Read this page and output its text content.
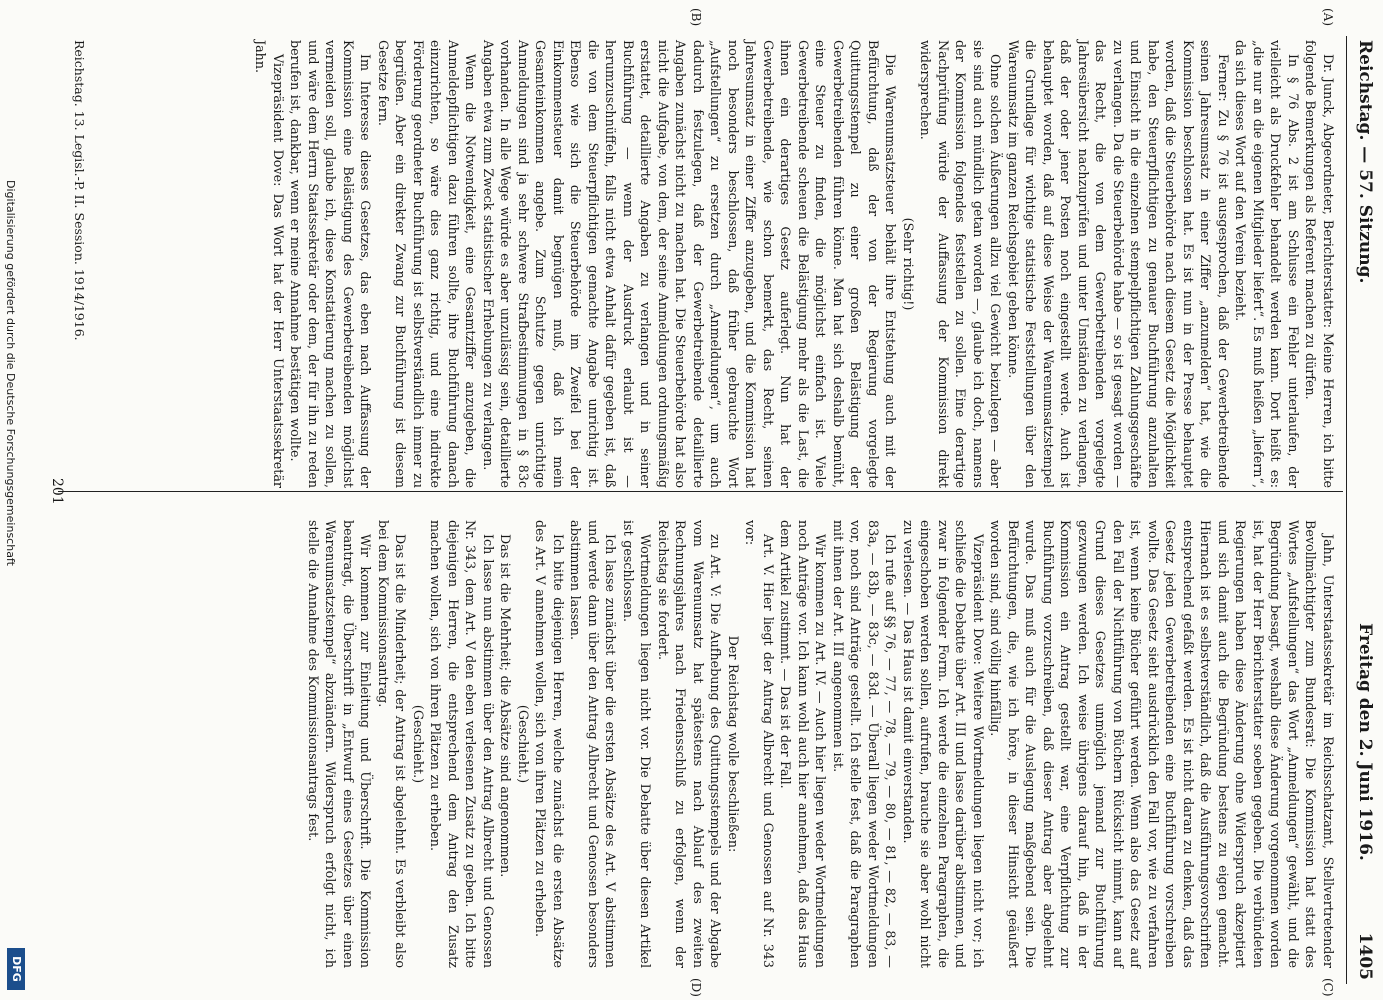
Reichstag. — 57. Sitzung.
Freitag den 2. Juni 1916.  1405
(A)
(B)
(C)
(D)

Dr. Junck, Abgeordneter, Berichterstatter: Meine Herren, ich bitte folgende Bemerkungen als Referent machen zu dürfen.

In § 76 Abs. 2 ist am Schlusse ein Fehler unterlaufen, der vielleicht als Druckfehler behandelt werden kann. Dort heißt es: „die nur an die eigenen Mitglieder liefert“. Es muß heißen „liefern“, da sich dieses Wort auf den Verein bezieht.

Ferner: Zu § 76 ist ausgesprochen, daß der Gewerbetreibende seinen Jahresumsatz in einer Ziffer „anzumelden“ hat, wie die Kommission beschlossen hat. Es ist nun in der Presse behauptet worden, daß die Steuerbehörde nach diesem Gesetz die Möglichkeit habe, den Steuerpflichtigen zu genauer Buchführung anzuhalten und Einsicht in die einzelnen stempelpflichtigen Zahlungsgeschäfte zu verlangen. Da die Steuerbehörde habe — so ist gesagt worden — das Recht, die von dem Gewerbetreibenden vorgelegte Jahresübersicht nachzuprüfen und unter Umständen zu verlangen, daß der oder jener Posten noch eingestellt werde. Auch ist behauptet worden, daß auf diese Weise der Warenumsatzstempel die Grundlage für wichtige statistische Feststellungen über den Warenumsatz im ganzen Reichsgebiet geben könne.

Ohne solchen Äußerungen allzu viel Gewicht beizulegen — aber sie sind auch mündlich getan worden —, glaube ich doch, namens der Kommission folgendes feststellen zu sollen. Eine derartige Nachprüfung würde der Auffassung der Kommission direkt widersprechen.

(Sehr richtig!)

Die Warenumsatzsteuer behält ihre Entstehung auch mit der Befürchtung, daß der von der Regierung vorgelegte Quittungsstempel zu einer großen Belästigung der Gewerbetreibenden führen könne. Man hat sich deshalb bemüht, eine Steuer zu finden, die möglichst einfach ist. Viele Gewerbetreibende scheuen die Belästigung mehr als die Last, die ihnen ein derartiges Gesetz auferlegt. Nun hat der Gewerbetreibende, wie schon bemerkt, das Recht, seinen Jahresumsatz in einer Ziffer anzugeben, und die Kommission hat noch besonders beschlossen, daß früher gebrauchte Wort „Aufstellungen“ zu ersetzen durch „Anmeldungen“, um auch dadurch festzulegen, daß der Gewerbetreibende detaillierte Angaben zunächst nicht zu machen hat. Die Steuerbehörde hat also nicht die Aufgabe, von dem, der seine Anmeldungen ordnungsmäßig erstattet, detaillierte Angaben zu verlangen und in seiner Buchführung — wenn der Ausdruck erlaubt ist — herumzuschnüffeln, falls nicht etwa Anhalt dafür gegeben ist, daß die von dem Steuerpflichtigen gemachte Angabe unrichtig ist. Ebenso wie sich die Steuerbehörde im Zweifel bei der Einkommensteuer damit begnügen muß, daß ich mein Gesamteinkommen angebe. Zum Schutze gegen unrichtige Anmeldungen sind ja sehr schwere Strafbestimmungen in § 83c vorhanden. In alle Wege würde es aber unzulässig sein, detaillierte Angaben etwa zum Zweck statistischer Erhebungen zu verlangen.

Wenn die Notwendigkeit, eine Gesamtziffer anzugeben, die Anmeldepflichtigen dazu führen sollte, ihre Buchführung danach einzurichten, so wäre dies ganz richtig, und eine indirekte Förderung geordneter Buchführung ist selbstverständlich immer zu begrüßen. Aber ein direkter Zwang zur Buchführung ist diesem Gesetze fern.

Im Interesse dieses Gesetzes, das eben nach Auffassung der Kommission eine Belästigung des Gewerbetreibenden möglichst vermeiden soll, glaube ich, diese Konstatierung machen zu sollen, und wäre dem Herrn Staatssekretär oder dem, der für ihn zu reden berufen ist, dankbar, wenn er meine Annahme bestätigen wollte.

Vizepräsident Dove: Das Wort hat der Herr Unterstaatssekretär Jahn.

Jahn, Unterstaatssekretär im Reichsschatzamt, Stellvertretender Bevollmächtigter zum Bundesrat: Die Kommission hat statt des Wortes „Aufstellungen“ das Wort „Anmeldungen“ gewählt, und die Begründung besagt, weshalb diese Änderung vorgenommen worden ist, hat der Herr Berichterstatter soeben gegeben. Die verbündeten Regierungen haben diese Änderung ohne Widerspruch akzeptiert und sich damit auch die Begründung bestens zu eigen gemacht. Hiernach ist es selbstverständlich, daß die Ausführungsvorschriften entsprechend gefaßt werden. Es ist nicht daran zu denken, daß das Gesetz jeden Gewerbetreibenden eine Buchführung vorschreiben wollte. Das Gesetz sieht ausdrücklich den Fall vor, wie zu verfahren ist, wenn keine Bücher geführt werden. Wenn also das Gesetz auf den Fall der Nichtführung von Büchern Rücksicht nimmt, kann auf Grund dieses Gesetzes unmöglich jemand zur Buchführung gezwungen werden. Ich weise übrigens darauf hin, daß in der Kommission ein Antrag gestellt war, eine Verpflichtung zur Buchführung vorzuschreiben, daß dieser Antrag aber abgelehnt wurde. Das muß auch für die Auslegung maßgebend sein. Die Befürchtungen, die, wie ich höre, in dieser Hinsicht geäußert worden sind, sind völlig hinfällig.

Vizepräsident Dove: Weitere Wortmeldungen liegen nicht vor; ich schließe die Debatte über Art. III und lasse darüber abstimmen, und zwar in folgender Form. Ich werde die einzelnen Paragraphen, die eingeschoben werden sollen, aufrufen, brauche sie aber wohl nicht zu verlesen. — Das Haus ist damit einverstanden.

Ich rufe auf §§ 76, — 77, — 78, — 79, — 80, — 81, — 82, — 83, — 83a, — 83b, — 83c, — 83d. — Überall liegen weder Wortmeldungen vor, noch sind Anträge gestellt. Ich stelle fest, daß die Paragraphen mit ihnen der Art. III angenommen ist.

Wir kommen zu Art. IV. — Auch hier liegen weder Wortmeldungen noch Anträge vor. Ich kann wohl auch hier annehmen, daß das Haus dem Artikel zustimmt. — Das ist der Fall.

Art. V. Hier liegt der Antrag Albrecht und Genossen auf Nr. 343 vor:

Der Reichstag wolle beschließen:

zu Art. V: Die Aufhebung des Quittungsstempels und der Abgabe vom Warenumsatz hat spätestens nach Ablauf des zweiten Rechnungsjahres nach Friedensschluß zu erfolgen, wenn der Reichstag sie fordert.

Wortmeldungen liegen nicht vor. Die Debatte über diesen Artikel ist geschlossen.

Ich lasse zunächst über die ersten Absätze des Art. V abstimmen und werde dann über den Antrag Albrecht und Genossen besonders abstimmen lassen.

Ich bitte diejenigen Herren, welche zunächst die ersten Absätze des Art. V annehmen wollen, sich von ihren Plätzen zu erheben.

(Geschieht.)

Das ist die Mehrheit; die Absätze sind angenommen.

Ich lasse nun abstimmen über den Antrag Albrecht und Genossen Nr. 343, dem Art. V den eben verlesenen Zusatz zu geben. Ich bitte diejenigen Herren, die entsprechend dem Antrag den Zusatz machen wollen, sich von ihren Plätzen zu erheben.

(Geschieht.)

Das ist die Minderheit; der Antrag ist abgelehnt. Es verbleibt also bei dem Kommissionsantrag.

Wir kommen zur Einleitung und Überschrift. Die Kommission beantragt, die Überschrift in „Entwurf eines Gesetzes über einen Warenumsatzstempel“ abzuändern. Widerspruch erfolgt nicht, ich stelle die Annahme des Kommissionsantrags fest.

Reichstag. 13. Legisl.-P. II. Session. 1914/1916.
201
Digitalisierung gefördert durch die Deutsche Forschungsgemeinschaft
DFG
